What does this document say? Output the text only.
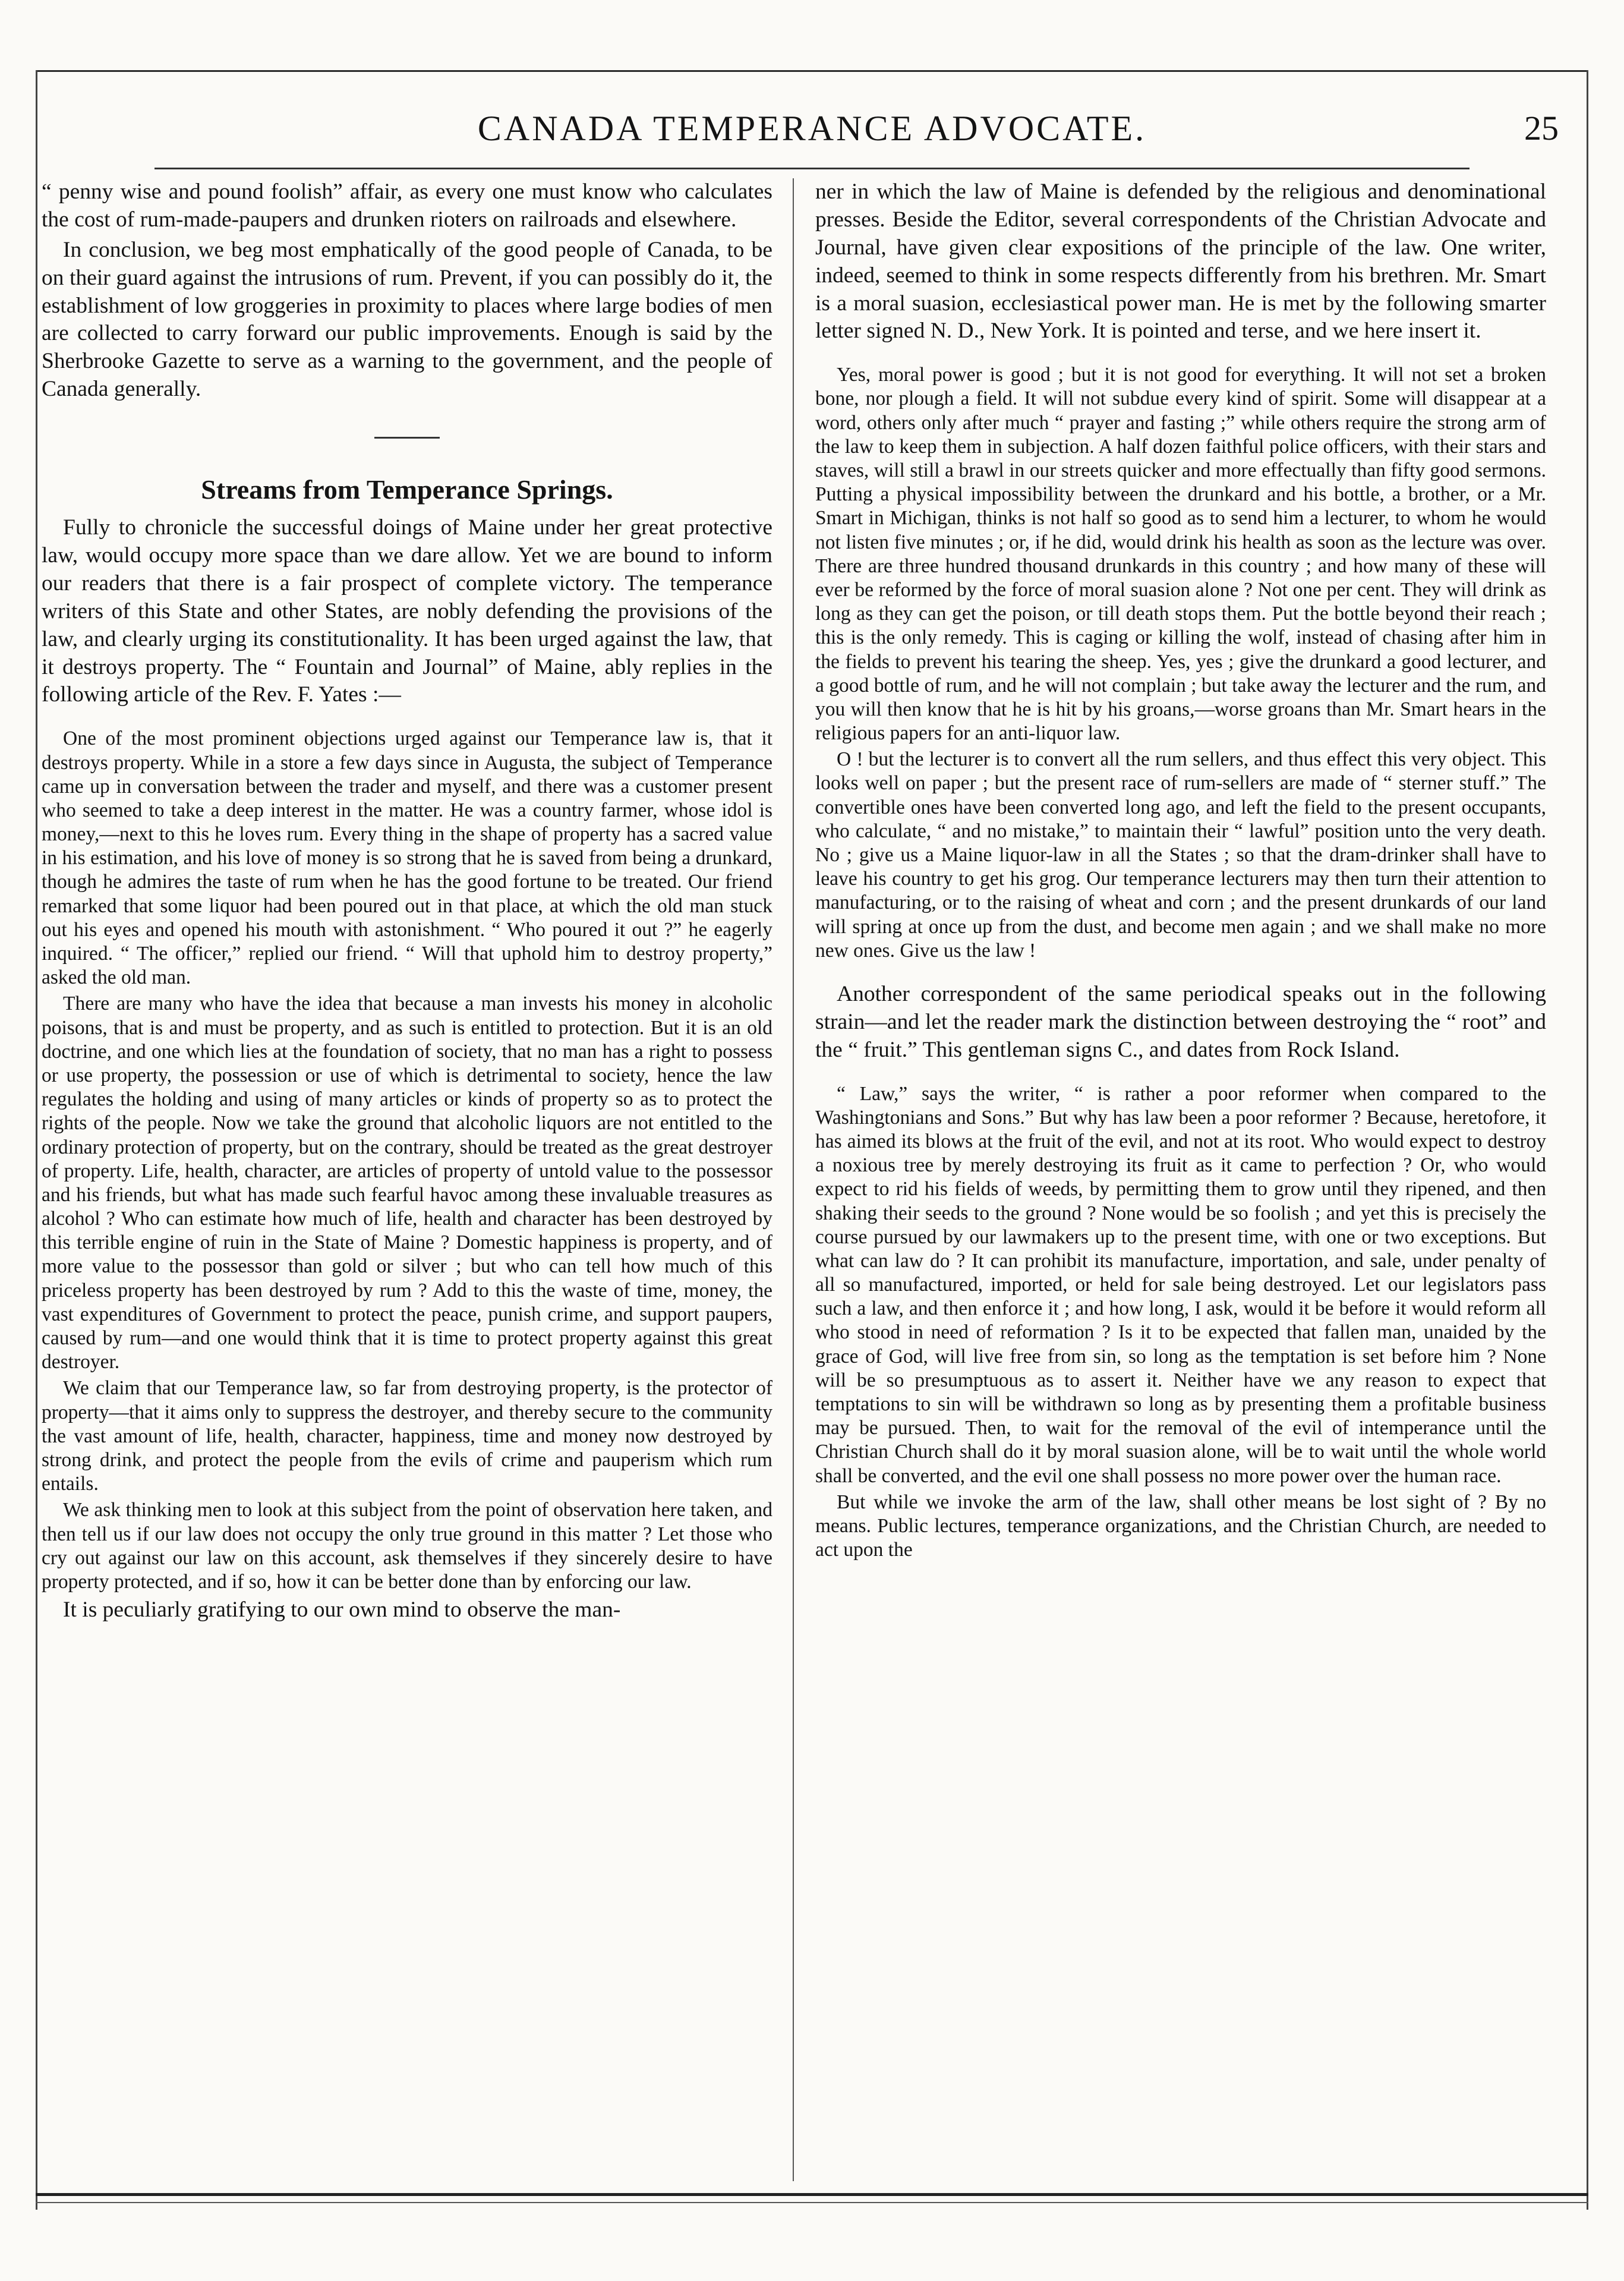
CANADA TEMPERANCE ADVOCATE.	25

“ penny wise and pound foolish” affair, as every one must know who calculates the cost of rum-made-paupers and drunken rioters on railroads and elsewhere.

In conclusion, we beg most emphatically of the good people of Canada, to be on their guard against the intrusions of rum. Prevent, if you can possibly do it, the establishment of low groggeries in proximity to places where large bodies of men are collected to carry forward our public improvements. Enough is said by the Sherbrooke Gazette to serve as a warning to the government, and the people of Canada generally.

Streams from Temperance Springs.

Fully to chronicle the successful doings of Maine under her great protective law, would occupy more space than we dare allow. Yet we are bound to inform our readers that there is a fair prospect of complete victory. The temperance writers of this State and other States, are nobly defending the provisions of the law, and clearly urging its constitutionality. It has been urged against the law, that it destroys property. The “ Fountain and Journal” of Maine, ably replies in the following article of the Rev. F. Yates :—

One of the most prominent objections urged against our Temperance law is, that it destroys property. While in a store a few days since in Augusta, the subject of Temperance came up in conversation between the trader and myself, and there was a customer present who seemed to take a deep interest in the matter. He was a country farmer, whose idol is money,—next to this he loves rum. Every thing in the shape of property has a sacred value in his estimation, and his love of money is so strong that he is saved from being a drunkard, though he admires the taste of rum when he has the good fortune to be treated. Our friend remarked that some liquor had been poured out in that place, at which the old man stuck out his eyes and opened his mouth with astonishment. “ Who poured it out ?” he eagerly inquired. “ The officer,” replied our friend. “ Will that uphold him to destroy property,” asked the old man.

There are many who have the idea that because a man invests his money in alcoholic poisons, that is and must be property, and as such is entitled to protection. But it is an old doctrine, and one which lies at the foundation of society, that no man has a right to possess or use property, the possession or use of which is detrimental to society, hence the law regulates the holding and using of many articles or kinds of property so as to protect the rights of the people. Now we take the ground that alcoholic liquors are not entitled to the ordinary protection of property, but on the contrary, should be treated as the great destroyer of property. Life, health, character, are articles of property of untold value to the possessor and his friends, but what has made such fearful havoc among these invaluable treasures as alcohol ? Who can estimate how much of life, health and character has been destroyed by this terrible engine of ruin in the State of Maine ? Domestic happiness is property, and of more value to the possessor than gold or silver ; but who can tell how much of this priceless property has been destroyed by rum ? Add to this the waste of time, money, the vast expenditures of Government to protect the peace, punish crime, and support paupers, caused by rum—and one would think that it is time to protect property against this great destroyer.

We claim that our Temperance law, so far from destroying property, is the protector of property—that it aims only to suppress the destroyer, and thereby secure to the community the vast amount of life, health, character, happiness, time and money now destroyed by strong drink, and protect the people from the evils of crime and pauperism which rum entails.

We ask thinking men to look at this subject from the point of observation here taken, and then tell us if our law does not occupy the only true ground in this matter ? Let those who cry out against our law on this account, ask themselves if they sincerely desire to have property protected, and if so, how it can be better done than by enforcing our law.

It is peculiarly gratifying to our own mind to observe the man-

ner in which the law of Maine is defended by the religious and denominational presses. Beside the Editor, several correspondents of the Christian Advocate and Journal, have given clear expositions of the principle of the law. One writer, indeed, seemed to think in some respects differently from his brethren. Mr. Smart is a moral suasion, ecclesiastical power man. He is met by the following smarter letter signed N. D., New York. It is pointed and terse, and we here insert it.

Yes, moral power is good ; but it is not good for everything. It will not set a broken bone, nor plough a field. It will not subdue every kind of spirit. Some will disappear at a word, others only after much “ prayer and fasting ;” while others require the strong arm of the law to keep them in subjection. A half dozen faithful police officers, with their stars and staves, will still a brawl in our streets quicker and more effectually than fifty good sermons. Putting a physical impossibility between the drunkard and his bottle, a brother, or a Mr. Smart in Michigan, thinks is not half so good as to send him a lecturer, to whom he would not listen five minutes ; or, if he did, would drink his health as soon as the lecture was over. There are three hundred thousand drunkards in this country ; and how many of these will ever be reformed by the force of moral suasion alone ? Not one per cent. They will drink as long as they can get the poison, or till death stops them. Put the bottle beyond their reach ; this is the only remedy. This is caging or killing the wolf, instead of chasing after him in the fields to prevent his tearing the sheep. Yes, yes ; give the drunkard a good lecturer, and a good bottle of rum, and he will not complain ; but take away the lecturer and the rum, and you will then know that he is hit by his groans,—worse groans than Mr. Smart hears in the religious papers for an anti-liquor law.

O ! but the lecturer is to convert all the rum sellers, and thus effect this very object. This looks well on paper ; but the present race of rum-sellers are made of “ sterner stuff.” The convertible ones have been converted long ago, and left the field to the present occupants, who calculate, “ and no mistake,” to maintain their “ lawful” position unto the very death. No ; give us a Maine liquor-law in all the States ; so that the dram-drinker shall have to leave his country to get his grog. Our temperance lecturers may then turn their attention to manufacturing, or to the raising of wheat and corn ; and the present drunkards of our land will spring at once up from the dust, and become men again ; and we shall make no more new ones. Give us the law !

Another correspondent of the same periodical speaks out in the following strain—and let the reader mark the distinction between destroying the “ root” and the “ fruit.” This gentleman signs C., and dates from Rock Island.

“ Law,” says the writer, “ is rather a poor reformer when compared to the Washingtonians and Sons.” But why has law been a poor reformer ? Because, heretofore, it has aimed its blows at the fruit of the evil, and not at its root. Who would expect to destroy a noxious tree by merely destroying its fruit as it came to perfection ? Or, who would expect to rid his fields of weeds, by permitting them to grow until they ripened, and then shaking their seeds to the ground ? None would be so foolish ; and yet this is precisely the course pursued by our lawmakers up to the present time, with one or two exceptions. But what can law do ? It can prohibit its manufacture, importation, and sale, under penalty of all so manufactured, imported, or held for sale being destroyed. Let our legislators pass such a law, and then enforce it ; and how long, I ask, would it be before it would reform all who stood in need of reformation ? Is it to be expected that fallen man, unaided by the grace of God, will live free from sin, so long as the temptation is set before him ? None will be so presumptuous as to assert it. Neither have we any reason to expect that temptations to sin will be withdrawn so long as by presenting them a profitable business may be pursued. Then, to wait for the removal of the evil of intemperance until the Christian Church shall do it by moral suasion alone, will be to wait until the whole world shall be converted, and the evil one shall possess no more power over the human race.

But while we invoke the arm of the law, shall other means be lost sight of ? By no means. Public lectures, temperance organizations, and the Christian Church, are needed to act upon the
